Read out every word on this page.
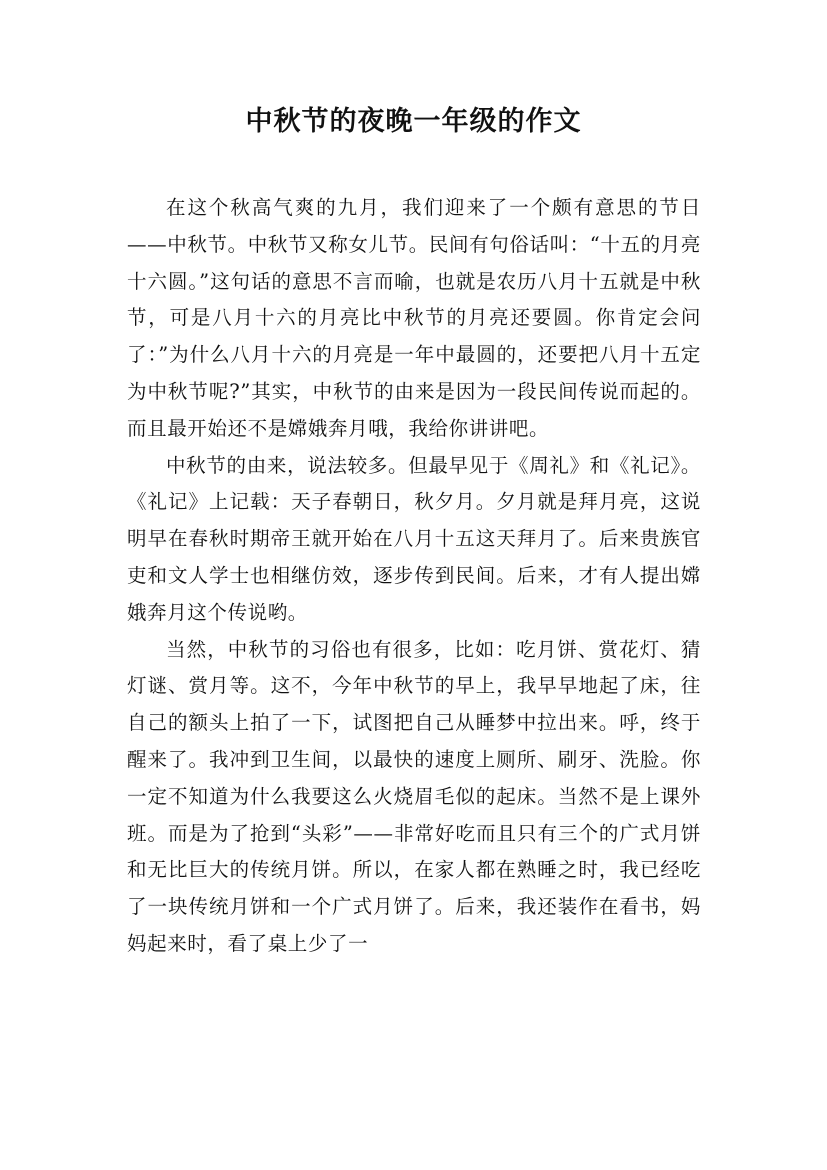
中秋节的夜晚一年级的作文

在这个秋高气爽的九月，我们迎来了一个颇有意思的节日——中秋节。中秋节又称女儿节。民间有句俗话叫：“十五的月亮十六圆。”这句话的意思不言而喻，也就是农历八月十五就是中秋节，可是八月十六的月亮比中秋节的月亮还要圆。你肯定会问了：”为什么八月十六的月亮是一年中最圆的，还要把八月十五定为中秋节呢?”其实，中秋节的由来是因为一段民间传说而起的。而且最开始还不是嫦娥奔月哦，我给你讲讲吧。

中秋节的由来，说法较多。但最早见于《周礼》和《礼记》。《礼记》上记载：天子春朝日，秋夕月。夕月就是拜月亮，这说明早在春秋时期帝王就开始在八月十五这天拜月了。后来贵族官吏和文人学士也相继仿效，逐步传到民间。后来，才有人提出嫦娥奔月这个传说哟。

当然，中秋节的习俗也有很多，比如：吃月饼、赏花灯、猜灯谜、赏月等。这不，今年中秋节的早上，我早早地起了床，往自己的额头上拍了一下，试图把自己从睡梦中拉出来。呼，终于醒来了。我冲到卫生间，以最快的速度上厕所、刷牙、洗脸。你一定不知道为什么我要这么火烧眉毛似的起床。当然不是上课外班。而是为了抢到“头彩”——非常好吃而且只有三个的广式月饼和无比巨大的传统月饼。所以，在家人都在熟睡之时，我已经吃了一块传统月饼和一个广式月饼了。后来，我还装作在看书，妈妈起来时，看了桌上少了一
